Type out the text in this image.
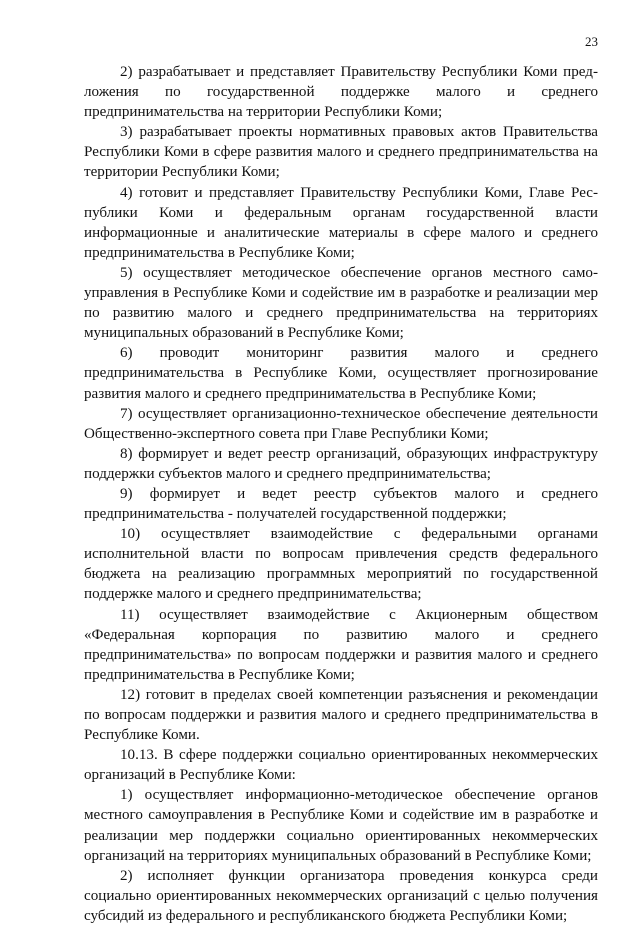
23

2) разрабатывает и представляет Правительству Республики Коми предложения по государственной поддержке малого и среднего предпринимательства на территории Республики Коми;

3) разрабатывает проекты нормативных правовых актов Правительства Республики Коми в сфере развития малого и среднего предпринимательства на территории Республики Коми;

4) готовит и представляет Правительству Республики Коми, Главе Республики Коми и федеральным органам государственной власти информационные и аналитические материалы в сфере малого и среднего предпринимательства в Республике Коми;

5) осуществляет методическое обеспечение органов местного самоуправления в Республике Коми и содействие им в разработке и реализации мер по развитию малого и среднего предпринимательства на территориях муниципальных образований в Республике Коми;

6) проводит мониторинг развития малого и среднего предпринимательства в Республике Коми, осуществляет прогнозирование развития малого и среднего предпринимательства в Республике Коми;

7) осуществляет организационно-техническое обеспечение деятельности Общественно-экспертного совета при Главе Республики Коми;

8) формирует и ведет реестр организаций, образующих инфраструктуру поддержки субъектов малого и среднего предпринимательства;

9) формирует и ведет реестр субъектов малого и среднего предпринимательства - получателей государственной поддержки;

10) осуществляет взаимодействие с федеральными органами исполнительной власти по вопросам привлечения средств федерального бюджета на реализацию программных мероприятий по государственной поддержке малого и среднего предпринимательства;

11) осуществляет взаимодействие с Акционерным обществом «Федеральная корпорация по развитию малого и среднего предпринимательства» по вопросам поддержки и развития малого и среднего предпринимательства в Республике Коми;

12) готовит в пределах своей компетенции разъяснения и рекомендации по вопросам поддержки и развития малого и среднего предпринимательства в Республике Коми.

10.13. В сфере поддержки социально ориентированных некоммерческих организаций в Республике Коми:

1) осуществляет информационно-методическое обеспечение органов местного самоуправления в Республике Коми и содействие им в разработке и реализации мер поддержки социально ориентированных некоммерческих организаций на территориях муниципальных образований в Республике Коми;

2) исполняет функции организатора проведения конкурса среди социально ориентированных некоммерческих организаций с целью получения субсидий из федерального и республиканского бюджета Республики Коми;
